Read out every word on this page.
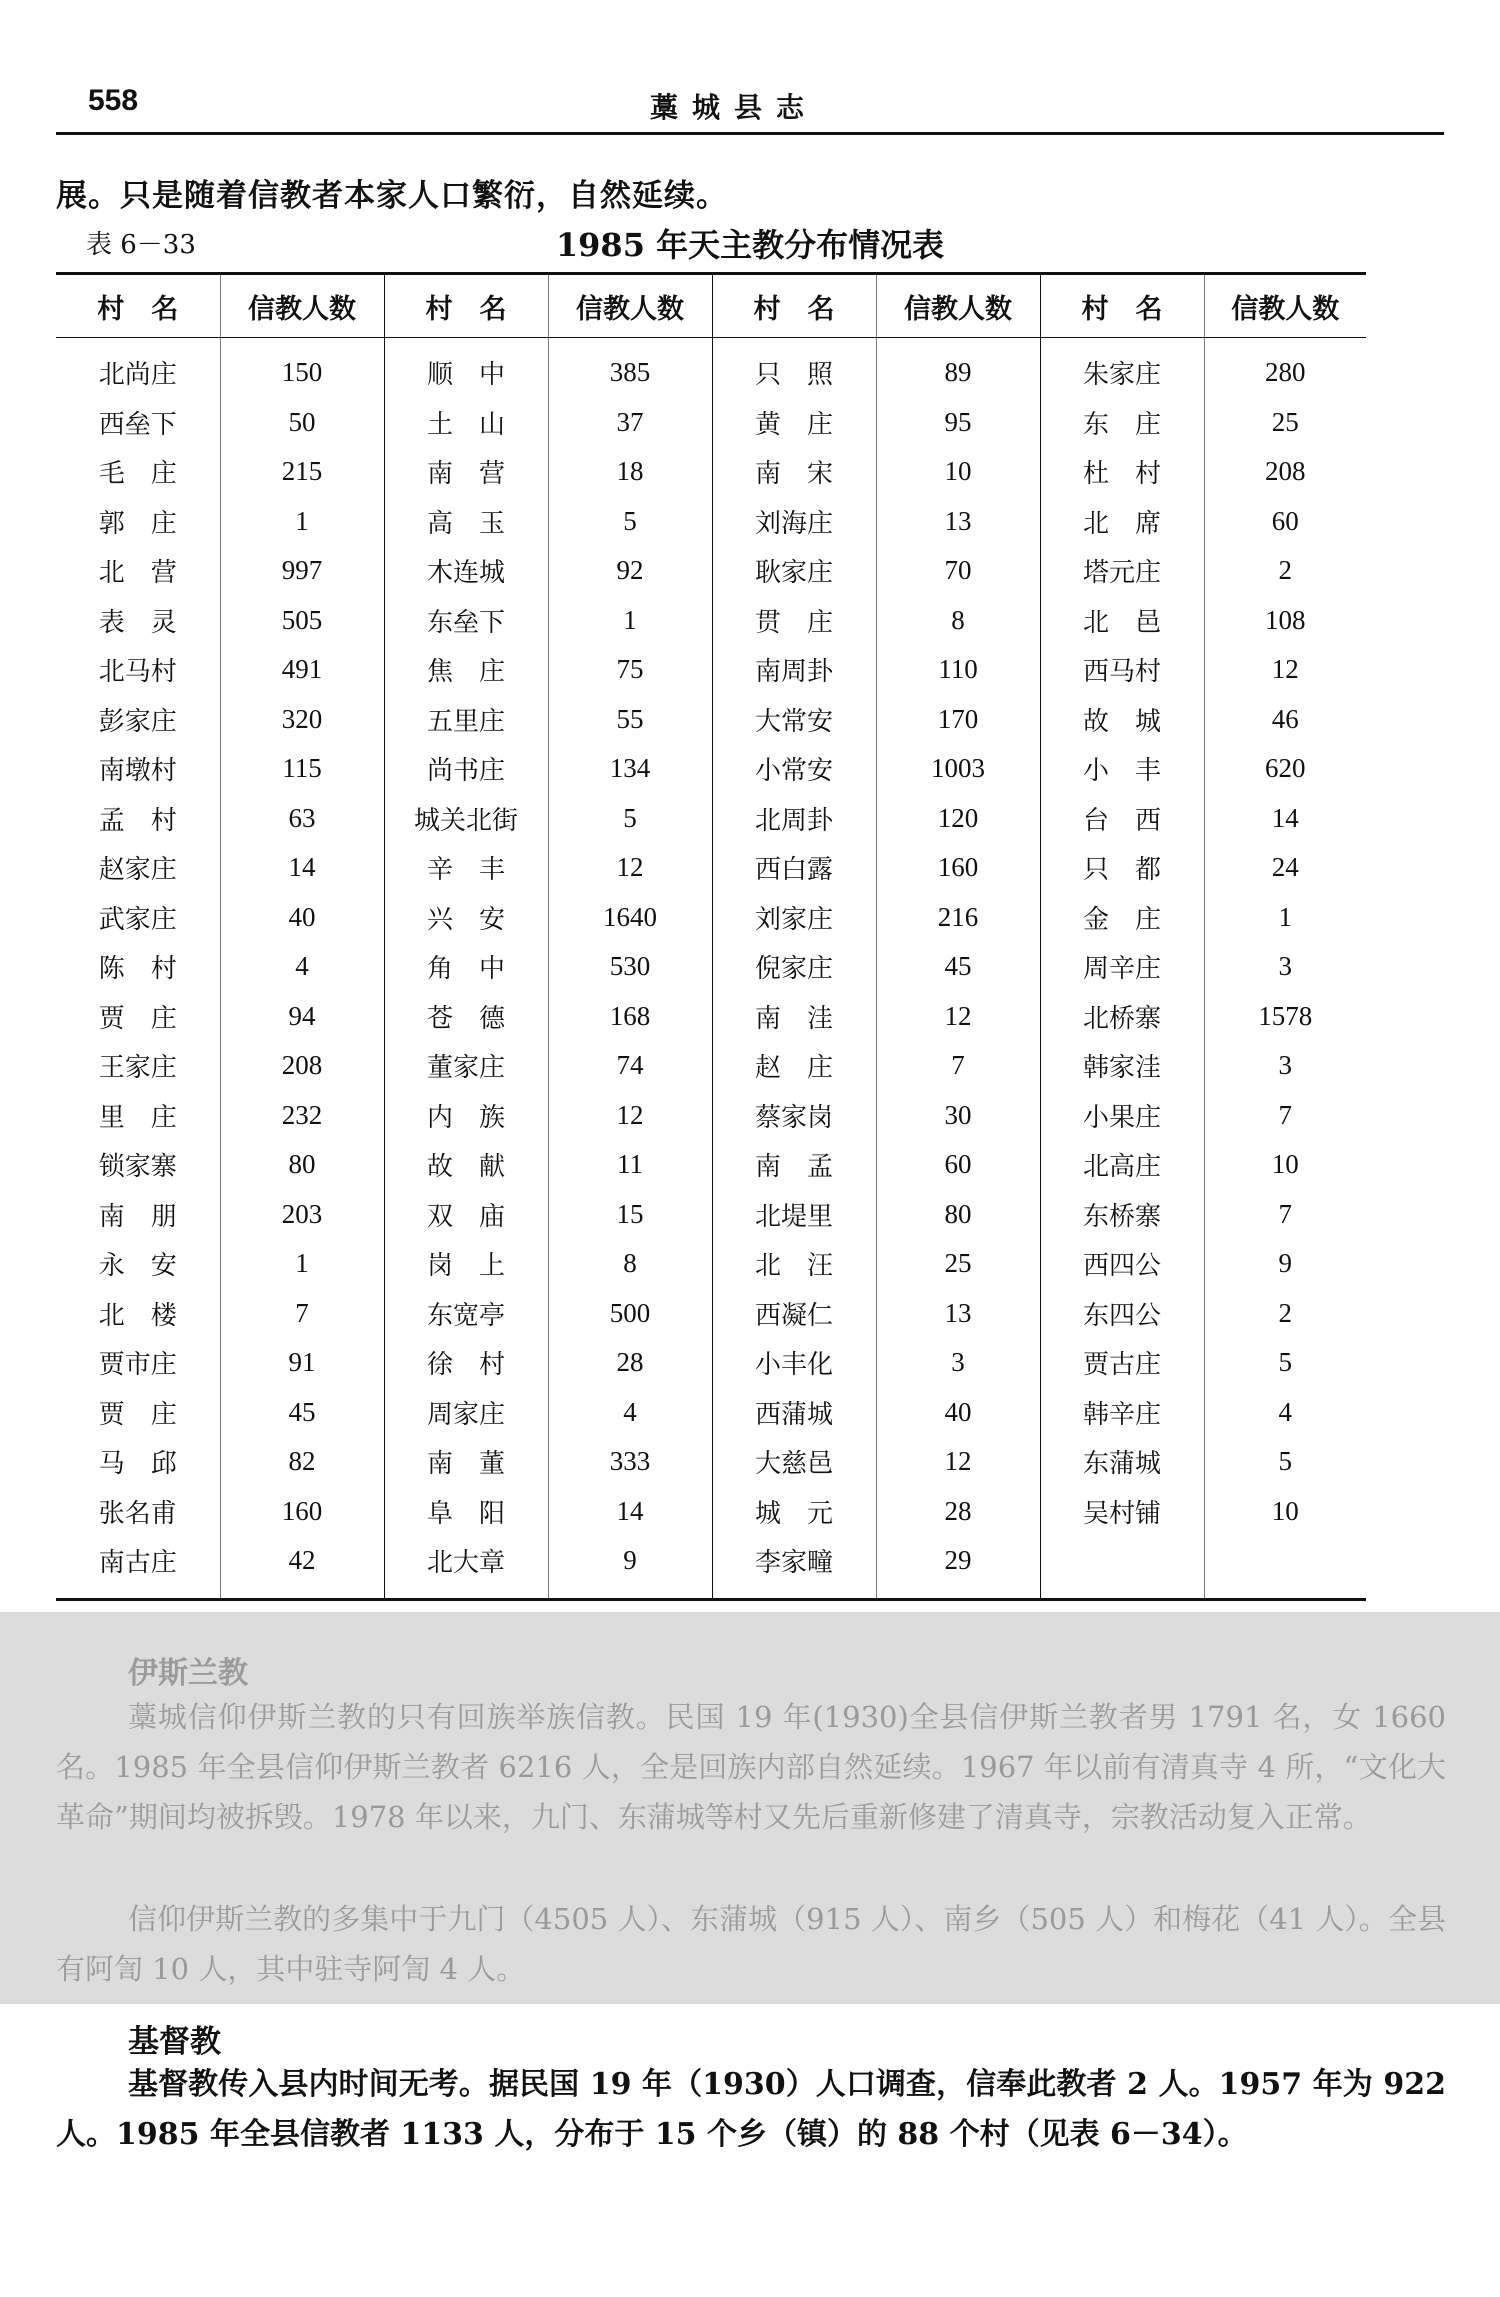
558	藁城县志
展。只是随着信教者本家人口繁衍，自然延续。
1985 年天主教分布情况表
表 6－33
村　名	信教人数	村　名	信教人数	村　名	信教人数	村　名	信教人数
北尚庄	150	顺　中	385	只　照	89	朱家庄	280
西垒下	50	土　山	37	黄　庄	95	东　庄	25
毛　庄	215	南　营	18	南　宋	10	杜　村	208
郭　庄	1	高　玉	5	刘海庄	13	北　席	60
北　营	997	木连城	92	耿家庄	70	塔元庄	2
表　灵	505	东垒下	1	贯　庄	8	北　邑	108
北马村	491	焦　庄	75	南周卦	110	西马村	12
彭家庄	320	五里庄	55	大常安	170	故　城	46
南墩村	115	尚书庄	134	小常安	1003	小　丰	620
孟　村	63	城关北街	5	北周卦	120	台　西	14
赵家庄	14	辛　丰	12	西白露	160	只　都	24
武家庄	40	兴　安	1640	刘家庄	216	金　庄	1
陈　村	4	角　中	530	倪家庄	45	周辛庄	3
贾　庄	94	苍　德	168	南　洼	12	北桥寨	1578
王家庄	208	董家庄	74	赵　庄	7	韩家洼	3
里　庄	232	内　族	12	蔡家岗	30	小果庄	7
锁家寨	80	故　献	11	南　孟	60	北高庄	10
南　朋	203	双　庙	15	北堤里	80	东桥寨	7
永　安	1	岗　上	8	北　汪	25	西四公	9
北　楼	7	东宽亭	500	西凝仁	13	东四公	2
贾市庄	91	徐　村	28	小丰化	3	贾古庄	5
贾　庄	45	周家庄	4	西蒲城	40	韩辛庄	4
马　邱	82	南　董	333	大慈邑	12	东蒲城	5
张名甫	160	阜　阳	14	城　元	28	吴村铺	10
南古庄	42	北大章	9	李家疃	29		
伊斯兰教

藁城信仰伊斯兰教的只有回族举族信教。民国 19 年(1930)全县信伊斯兰教者男 1791 名，女 1660 名。1985 年全县信仰伊斯兰教者 6216 人，全是回族内部自然延续。1967 年以前有清真寺 4 所，“文化大革命”期间均被拆毁。1978 年以来，九门、东蒲城等村又先后重新修建了清真寺，宗教活动复入正常。

信仰伊斯兰教的多集中于九门（4505 人）、东蒲城（915 人）、南乡（505 人）和梅花（41 人）。全县有阿訇 10 人，其中驻寺阿訇 4 人。

基督教

基督教传入县内时间无考。据民国 19 年（1930）人口调查，信奉此教者 2 人。1957 年为 922 人。1985 年全县信教者 1133 人，分布于 15 个乡（镇）的 88 个村（见表 6－34）。
